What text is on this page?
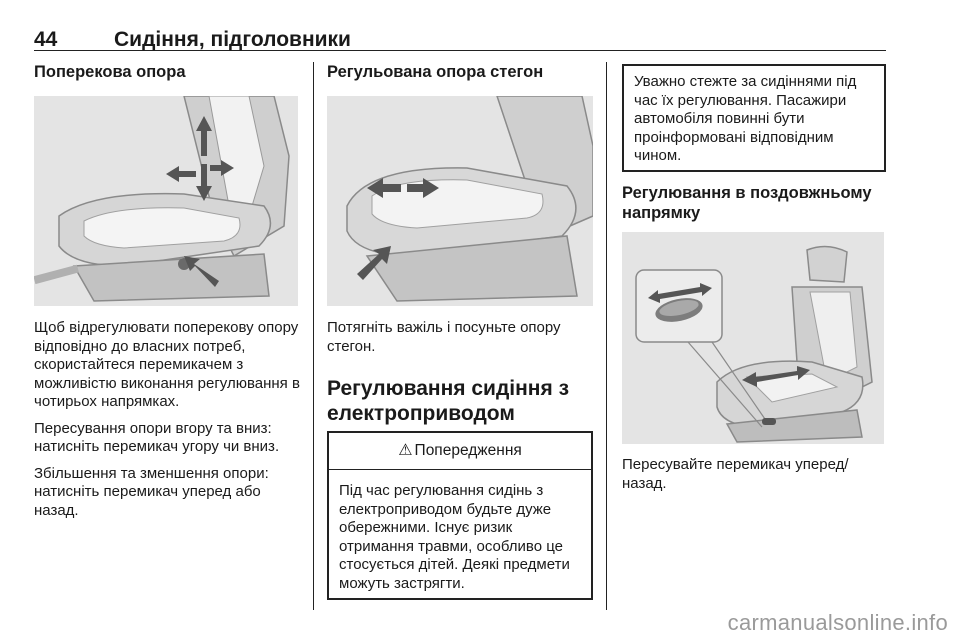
44	Сидіння, підголовники
Поперекова опора

Щоб відрегулювати поперекову опору відповідно до власних потреб, скористайтеся перемикачем з можливістю виконання регулювання в чотирьох напрямках.

Пересування опори вгору та вниз: натисніть перемикач угору чи вниз.

Збільшення та зменшення опори: натисніть перемикач уперед або назад.

Регульована опора стегон

Потягніть важіль і посуньте опору стегон.

Регулювання сидіння з електроприводом
⚠ Попередження

Під час регулювання сидінь з електроприводом будьте дуже обережними. Існує ризик отримання травми, особливо це стосується дітей. Деякі предмети можуть застрягти.

Уважно стежте за сидіннями під час їх регулювання. Пасажири автомобіля повинні бути проінформовані відповідним чином.

Регулювання в поздовжньому напрямку

Пересувайте перемикач уперед/назад.

carmanualsonline.info
